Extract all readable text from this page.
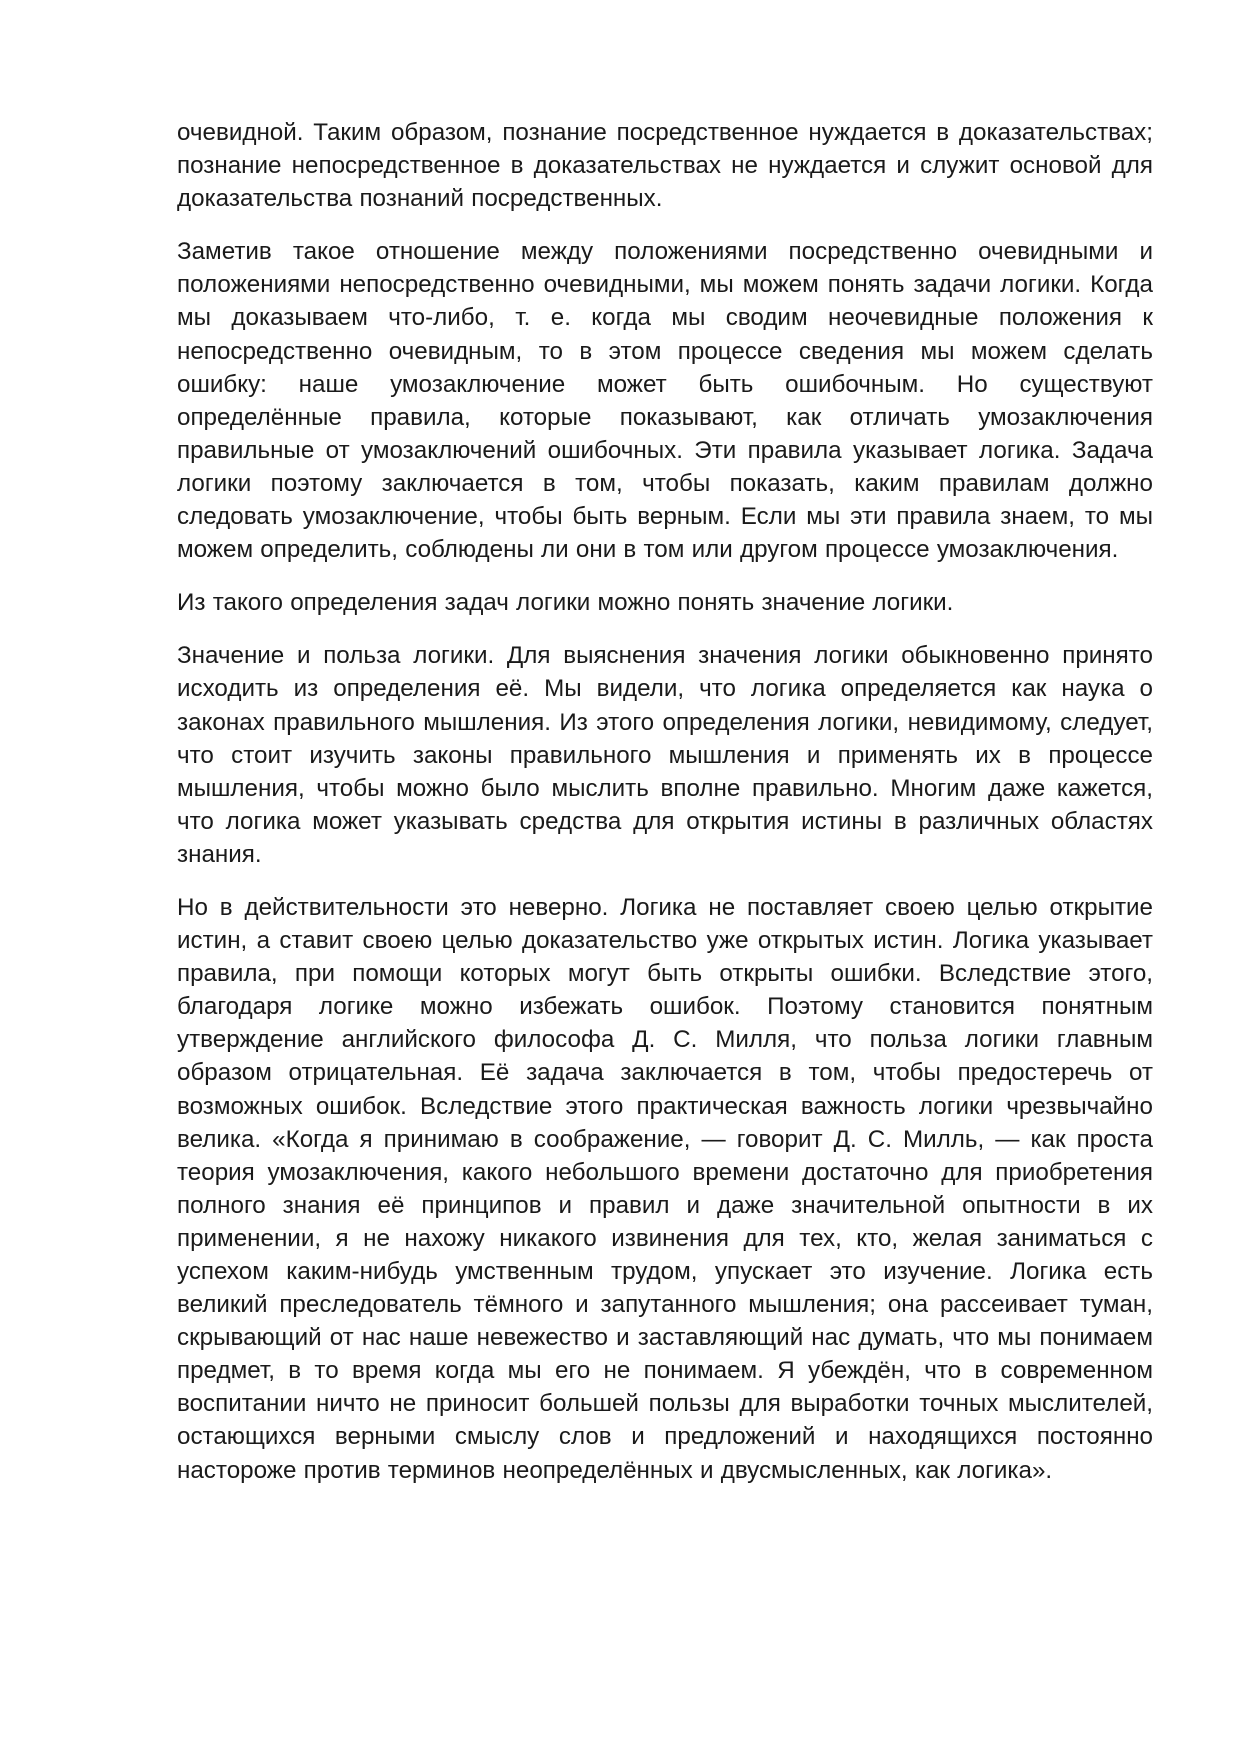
очевидной. Таким образом, познание посредственное нуждается в доказательствах; познание непосредственное в доказательствах не нуждается и служит основой для доказательства познаний посредственных.

Заметив такое отношение между положениями посредственно очевидными и положениями непосредственно очевидными, мы можем понять задачи логики. Когда мы доказываем что-либо, т. е. когда мы сводим неочевидные положения к непосредственно очевидным, то в этом процессе сведения мы можем сделать ошибку: наше умозаключение может быть ошибочным. Но существуют определённые правила, которые показывают, как отличать умозаключения правильные от умозаключений ошибочных. Эти правила указывает логика. Задача логики поэтому заключается в том, чтобы показать, каким правилам должно следовать умозаключение, чтобы быть верным. Если мы эти правила знаем, то мы можем определить, соблюдены ли они в том или другом процессе умозаключения.

Из такого определения задач логики можно понять значение логики.

Значение и польза логики. Для выяснения значения логики обыкновенно принято исходить из определения её. Мы видели, что логика определяется как наука о законах правильного мышления. Из этого определения логики, невидимому, следует, что стоит изучить законы правильного мышления и применять их в процессе мышления, чтобы можно было мыслить вполне правильно. Многим даже кажется, что логика может указывать средства для открытия истины в различных областях знания.

Но в действительности это неверно. Логика не поставляет своею целью открытие истин, а ставит своею целью доказательство уже открытых истин. Логика указывает правила, при помощи которых могут быть открыты ошибки. Вследствие этого, благодаря логике можно избежать ошибок. Поэтому становится понятным утверждение английского философа Д. С. Милля, что польза логики главным образом отрицательная. Её задача заключается в том, чтобы предостеречь от возможных ошибок. Вследствие этого практическая важность логики чрезвычайно велика. «Когда я принимаю в соображение, — говорит Д. С. Милль, — как проста теория умозаключения, какого небольшого времени достаточно для приобретения полного знания её принципов и правил и даже значительной опытности в их применении, я не нахожу никакого извинения для тех, кто, желая заниматься с успехом каким-нибудь умственным трудом, упускает это изучение. Логика есть великий преследователь тёмного и запутанного мышления; она рассеивает туман, скрывающий от нас наше невежество и заставляющий нас думать, что мы понимаем предмет, в то время когда мы его не понимаем. Я убеждён, что в современном воспитании ничто не приносит большей пользы для выработки точных мыслителей, остающихся верными смыслу слов и предложений и находящихся постоянно настороже против терминов неопределённых и двусмысленных, как логика».
